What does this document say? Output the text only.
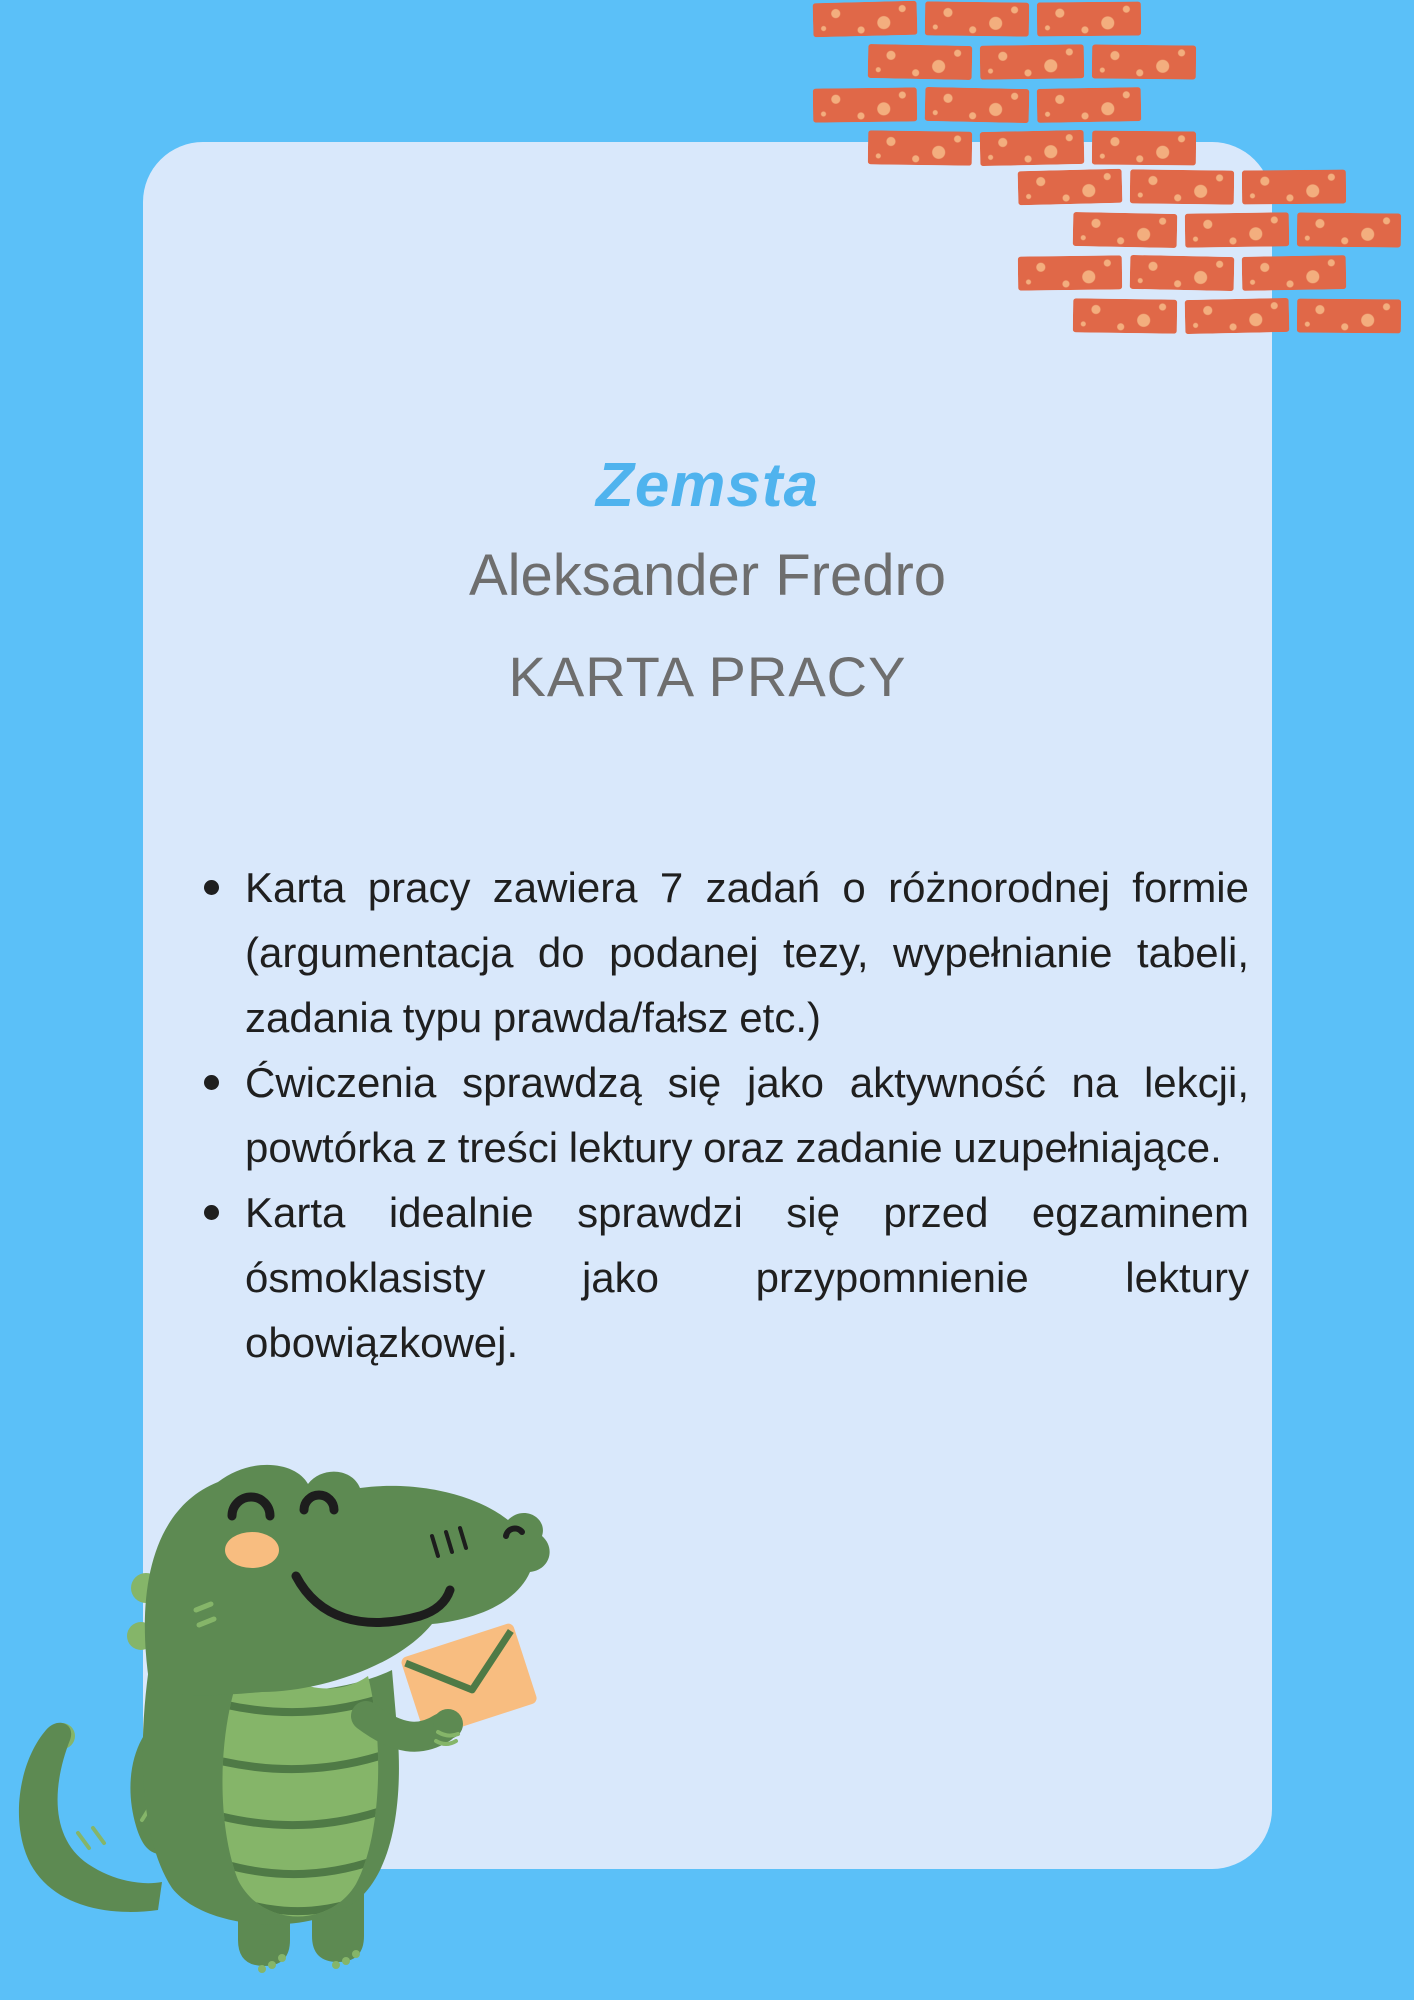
Zemsta
Aleksander Fredro
KARTA PRACY
Karta pracy zawiera 7 zadań o różnorodnej formie (argumentacja do podanej tezy, wypełnianie tabeli, zadania typu prawda/fałsz etc.)
Ćwiczenia sprawdzą się jako aktywność na lekcji, powtórka z treści lektury oraz zadanie uzupełniające.
Karta idealnie sprawdzi się przed egzaminem ósmoklasisty jako przypomnienie lektury obowiązkowej.
